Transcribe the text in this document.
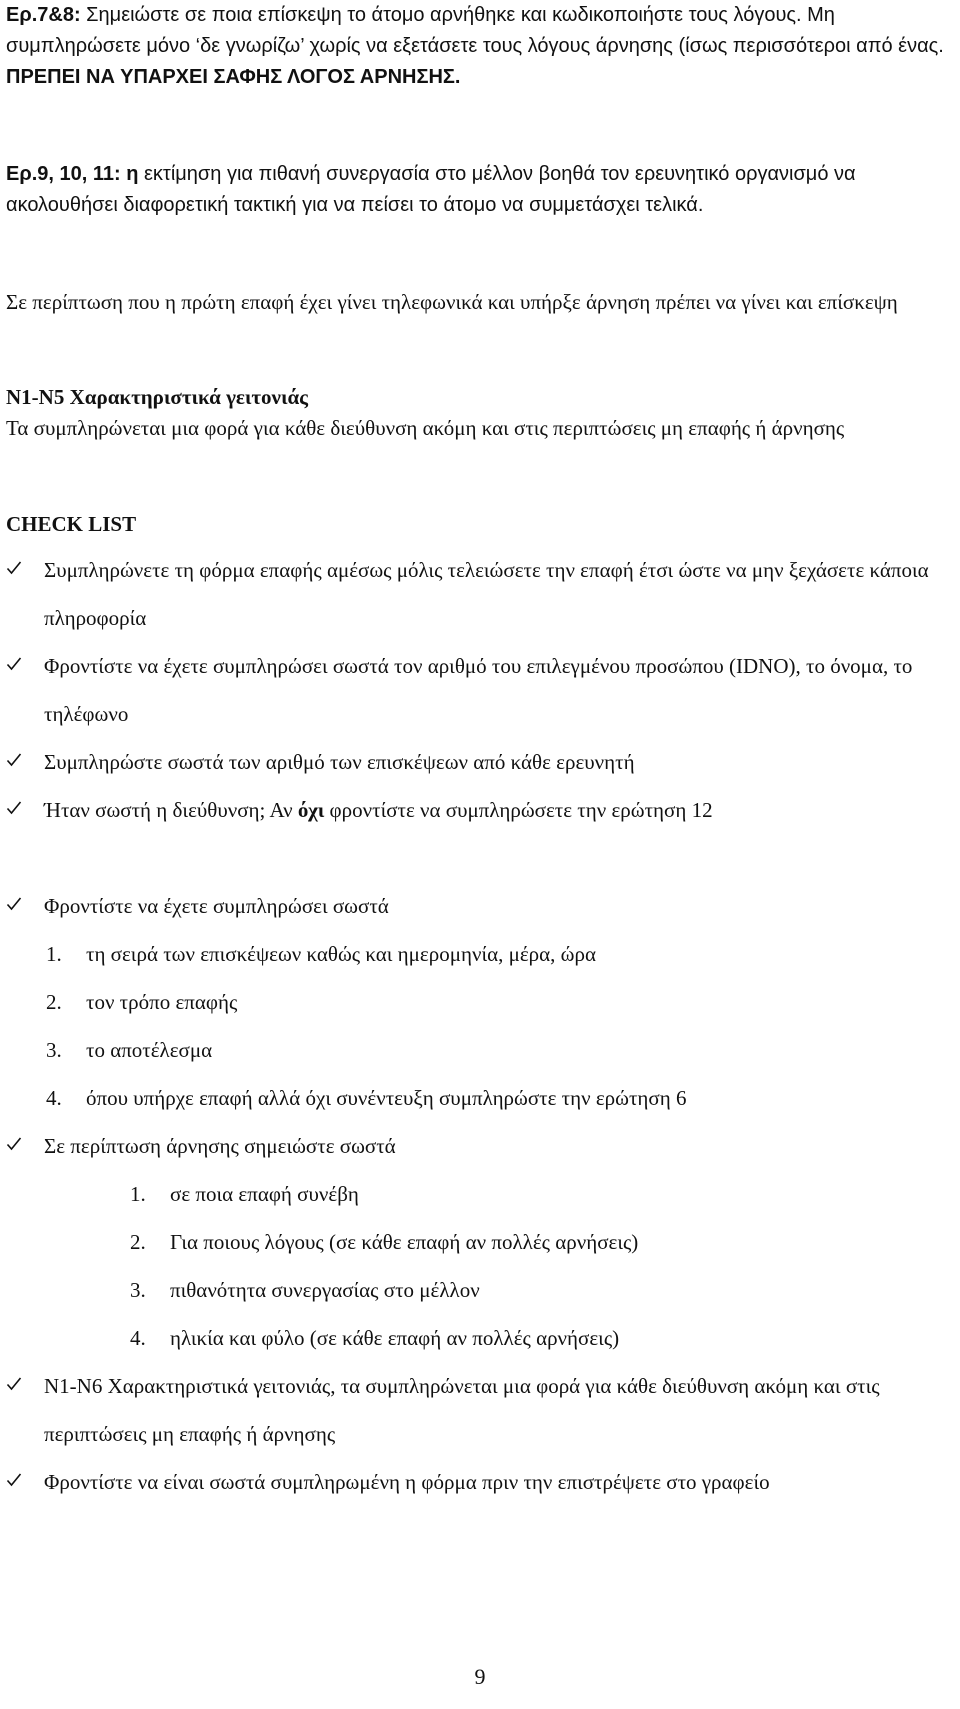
Ερ.7&8: Σημειώστε σε ποια επίσκεψη το άτομο αρνήθηκε και κωδικοποιήστε τους λόγους. Μη συμπληρώσετε μόνο ‘δε γνωρίζω’ χωρίς να εξετάσετε τους λόγους άρνησης (ίσως περισσότεροι από ένας. ΠΡΕΠΕΙ ΝΑ ΥΠΑΡΧΕΙ ΣΑΦΗΣ ΛΟΓΟΣ ΑΡΝΗΣΗΣ.
Ερ.9, 10, 11: η εκτίμηση για πιθανή συνεργασία στο μέλλον βοηθά τον ερευνητικό οργανισμό να ακολουθήσει διαφορετική τακτική για να πείσει το άτομο να συμμετάσχει τελικά.
Σε περίπτωση που η πρώτη επαφή έχει γίνει τηλεφωνικά και υπήρξε άρνηση πρέπει να γίνει και επίσκεψη
Ν1-Ν5 Χαρακτηριστικά γειτονιάς
Τα συμπληρώνεται μια φορά για κάθε διεύθυνση ακόμη και στις περιπτώσεις μη επαφής ή άρνησης
CHECK LIST
Συμπληρώνετε τη φόρμα επαφής αμέσως μόλις τελειώσετε την επαφή έτσι ώστε να μην ξεχάσετε κάποια πληροφορία
Φροντίστε να έχετε συμπληρώσει σωστά τον αριθμό του επιλεγμένου προσώπου (IDNO), το όνομα, το τηλέφωνο
Συμπληρώστε σωστά των αριθμό των επισκέψεων από κάθε ερευνητή
Ήταν σωστή η διεύθυνση; Αν όχι φροντίστε να συμπληρώσετε την ερώτηση 12
Φροντίστε να έχετε συμπληρώσει σωστά
1. τη σειρά των επισκέψεων καθώς και ημερομηνία, μέρα, ώρα
2. τον τρόπο επαφής
3. το αποτέλεσμα
4. όπου υπήρχε επαφή αλλά όχι συνέντευξη συμπληρώστε την ερώτηση 6
Σε περίπτωση άρνησης σημειώστε σωστά
1. σε ποια επαφή συνέβη
2. Για ποιους λόγους (σε κάθε επαφή αν πολλές αρνήσεις)
3. πιθανότητα συνεργασίας στο μέλλον
4. ηλικία και φύλο (σε κάθε επαφή αν πολλές αρνήσεις)
Ν1-Ν6 Χαρακτηριστικά γειτονιάς, τα συμπληρώνεται μια φορά για κάθε διεύθυνση ακόμη και στις περιπτώσεις μη επαφής ή άρνησης
Φροντίστε να είναι σωστά συμπληρωμένη η φόρμα πριν την επιστρέψετε στο γραφείο
9
